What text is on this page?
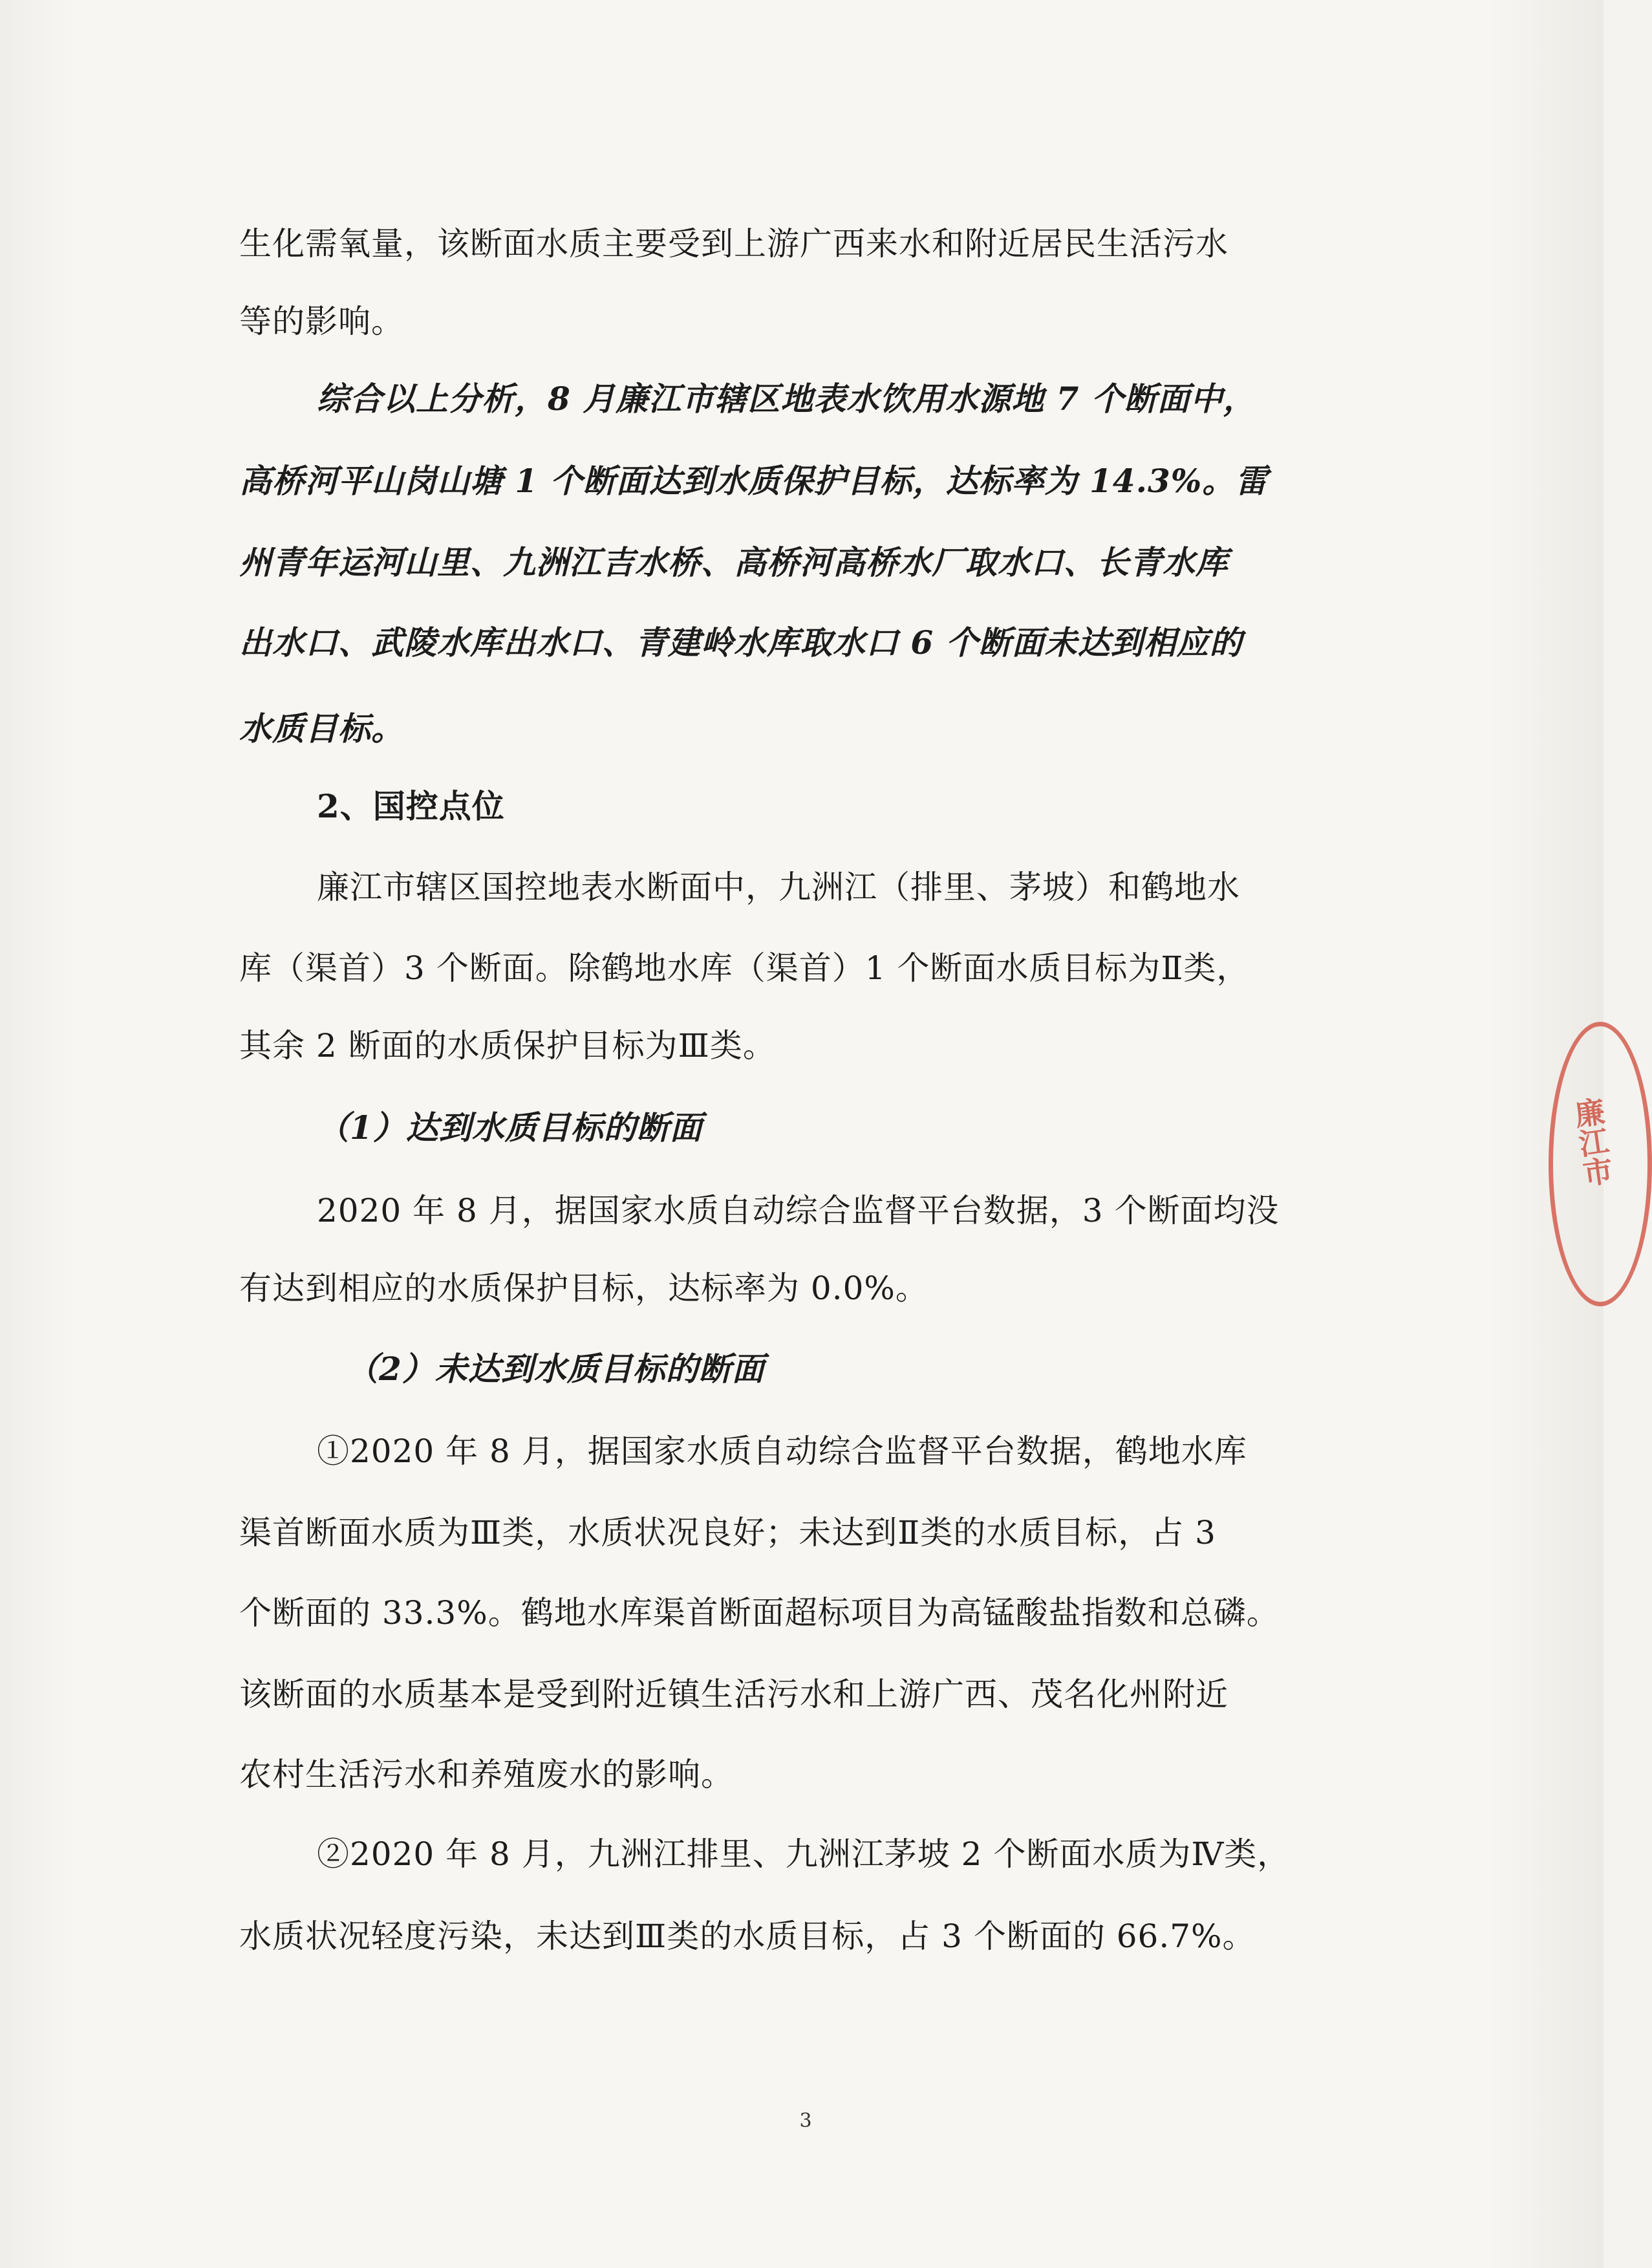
生化需氧量，该断面水质主要受到上游广西来水和附近居民生活污水
等的影响。
综合以上分析，8 月廉江市辖区地表水饮用水源地 7 个断面中，
高桥河平山岗山塘 1 个断面达到水质保护目标，达标率为 14.3%。雷
州青年运河山里、九洲江吉水桥、高桥河高桥水厂取水口、长青水库
出水口、武陵水库出水口、青建岭水库取水口 6 个断面未达到相应的
水质目标。
2、国控点位
廉江市辖区国控地表水断面中，九洲江（排里、茅坡）和鹤地水
库（渠首）3 个断面。除鹤地水库（渠首）1 个断面水质目标为Ⅱ类，
其余 2 断面的水质保护目标为Ⅲ类。
（1）达到水质目标的断面
2020 年 8 月，据国家水质自动综合监督平台数据，3 个断面均没
有达到相应的水质保护目标，达标率为 0.0%。
（2）未达到水质目标的断面
①2020 年 8 月，据国家水质自动综合监督平台数据，鹤地水库
渠首断面水质为Ⅲ类，水质状况良好；未达到Ⅱ类的水质目标，占 3
个断面的 33.3%。鹤地水库渠首断面超标项目为高锰酸盐指数和总磷。
该断面的水质基本是受到附近镇生活污水和上游广西、茂名化州附近
农村生活污水和养殖废水的影响。
②2020 年 8 月，九洲江排里、九洲江茅坡 2 个断面水质为Ⅳ类，
水质状况轻度污染，未达到Ⅲ类的水质目标，占 3 个断面的 66.7%。
3
廉江市
